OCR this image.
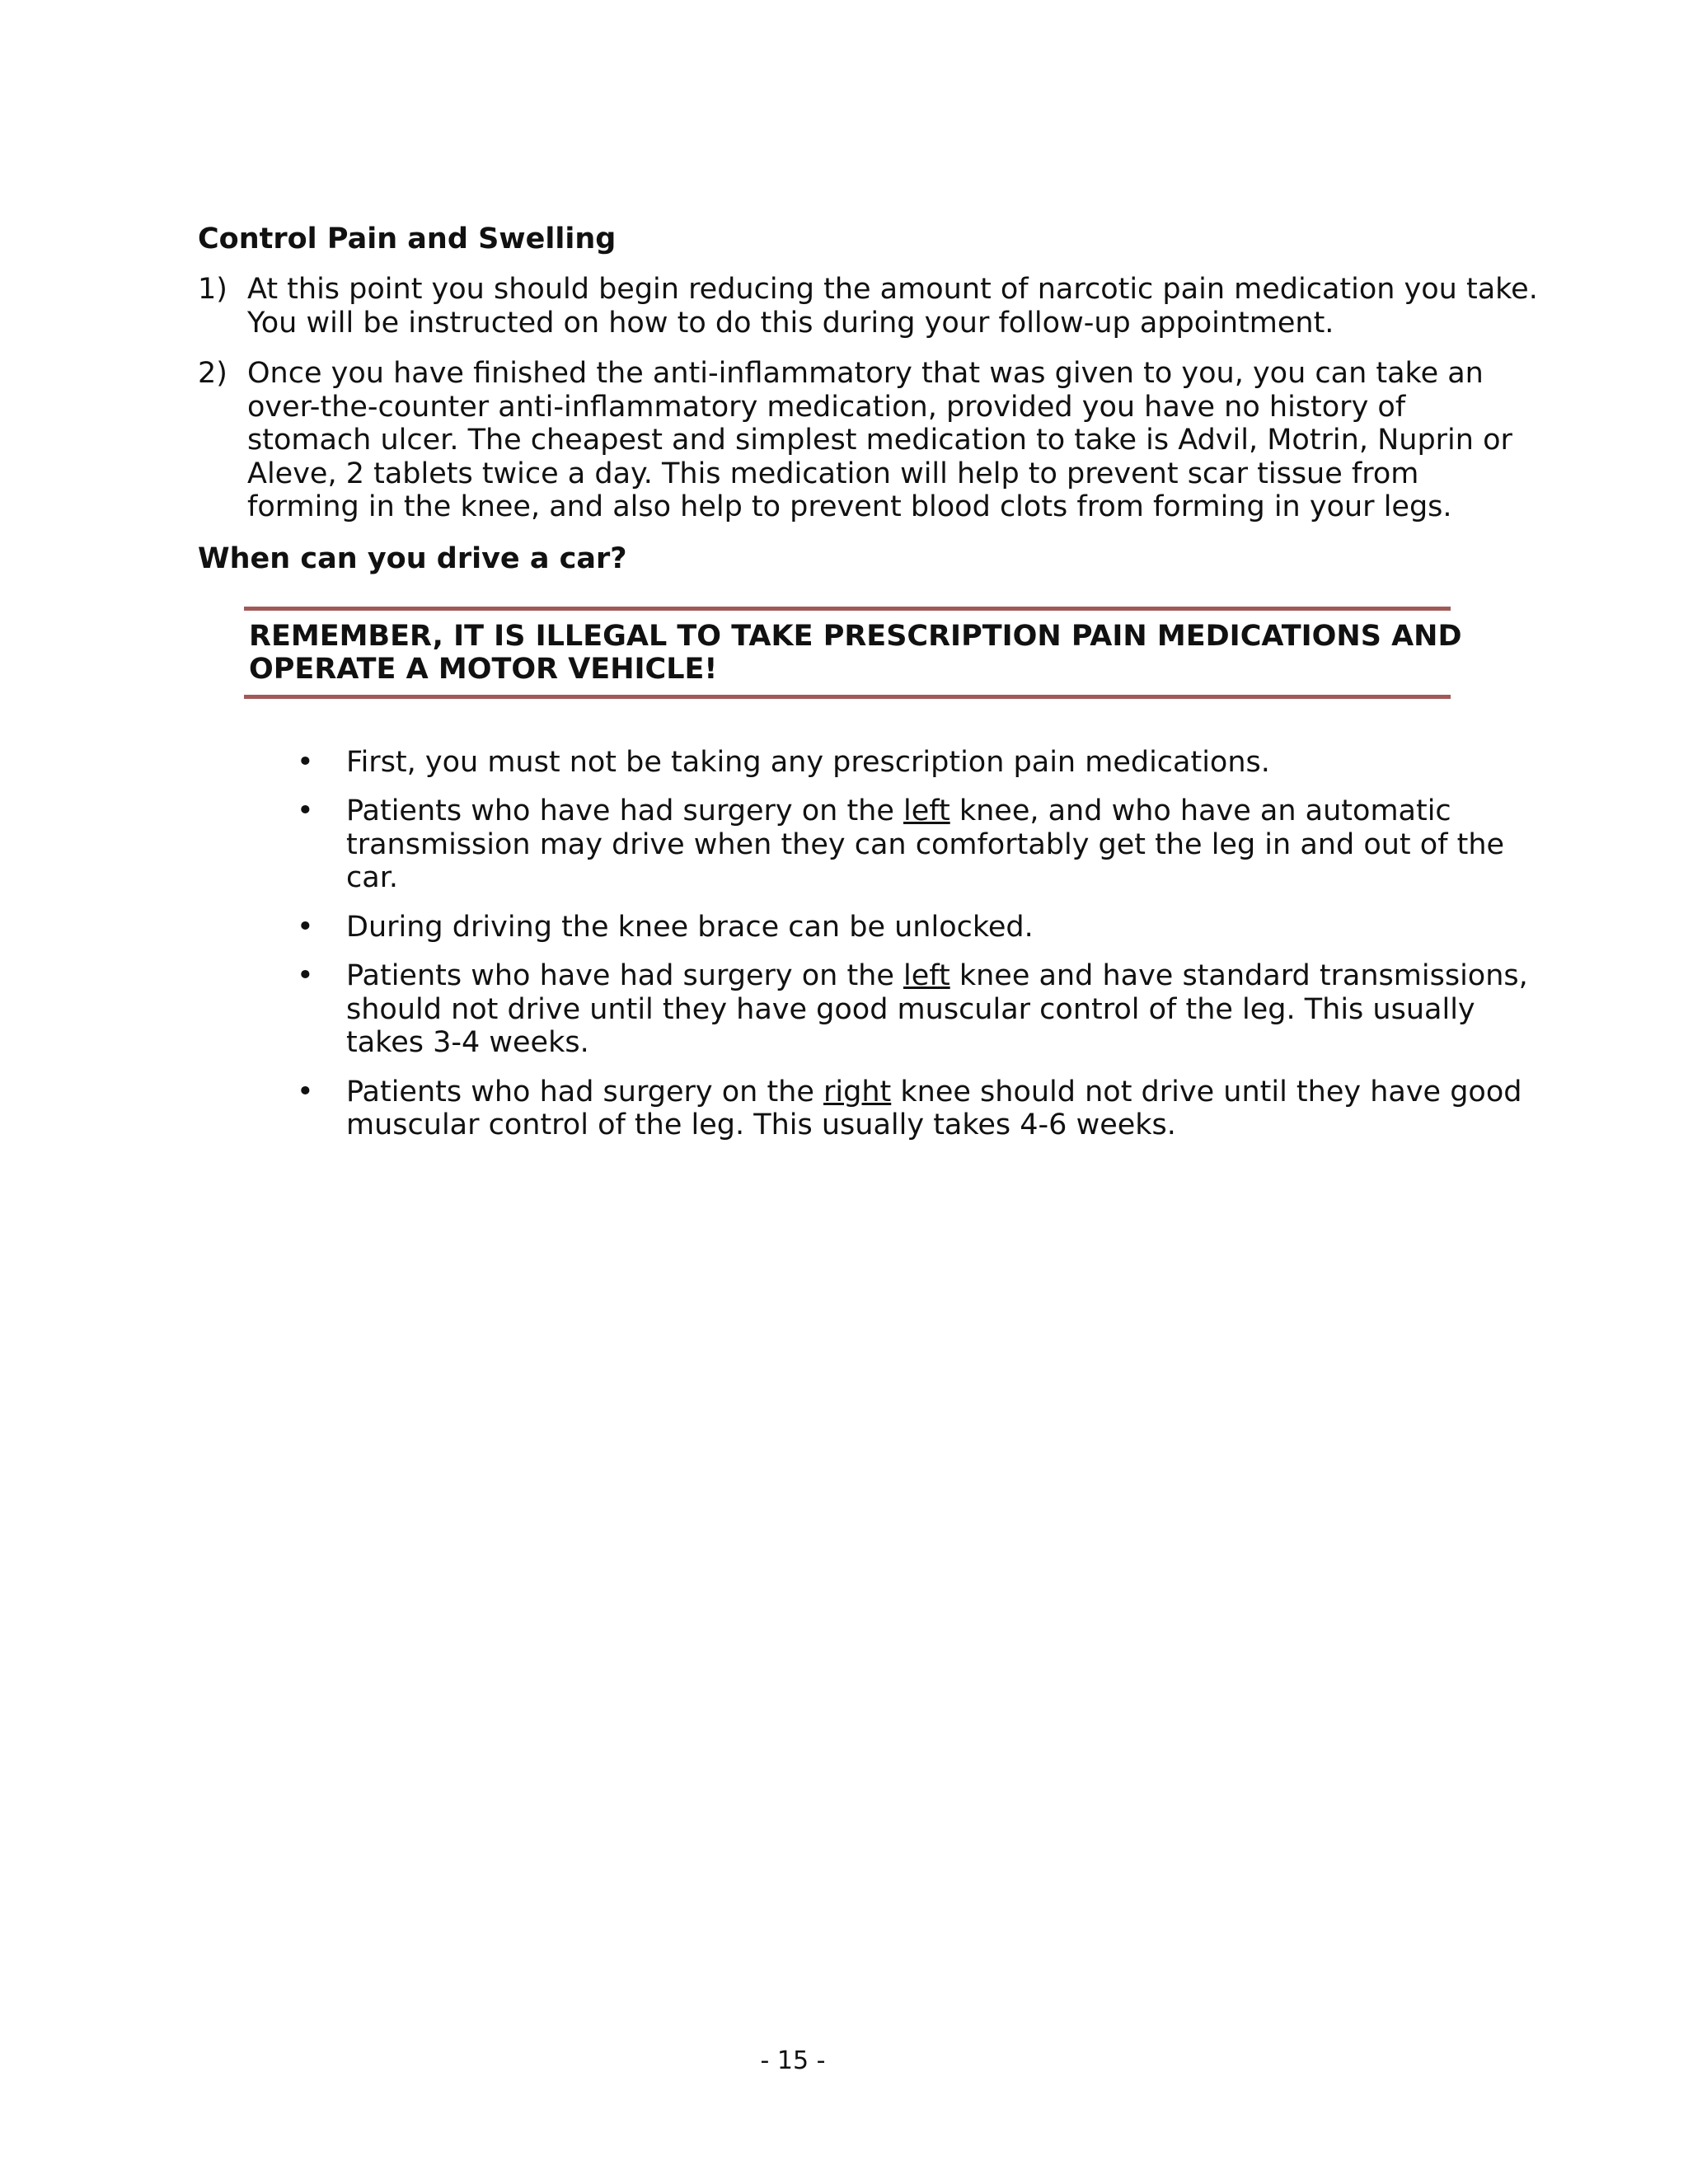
Control Pain and Swelling
1) At this point you should begin reducing the amount of narcotic pain medication you take.
You will be instructed on how to do this during your follow-up appointment.
2) Once you have finished the anti-inflammatory that was given to you, you can take an
over-the-counter anti-inflammatory medication, provided you have no history of
stomach ulcer. The cheapest and simplest medication to take is Advil, Motrin, Nuprin or
Aleve, 2 tablets twice a day. This medication will help to prevent scar tissue from
forming in the knee, and also help to prevent blood clots from forming in your legs.
When can you drive a car?
REMEMBER, IT IS ILLEGAL TO TAKE PRESCRIPTION PAIN MEDICATIONS AND
OPERATE A MOTOR VEHICLE!
• First, you must not be taking any prescription pain medications.
• Patients who have had surgery on the left knee, and who have an automatic
transmission may drive when they can comfortably get the leg in and out of the
car.
• During driving the knee brace can be unlocked.
• Patients who have had surgery on the left knee and have standard transmissions,
should not drive until they have good muscular control of the leg. This usually
takes 3-4 weeks.
• Patients who had surgery on the right knee should not drive until they have good
muscular control of the leg. This usually takes 4-6 weeks.
- 15 -
